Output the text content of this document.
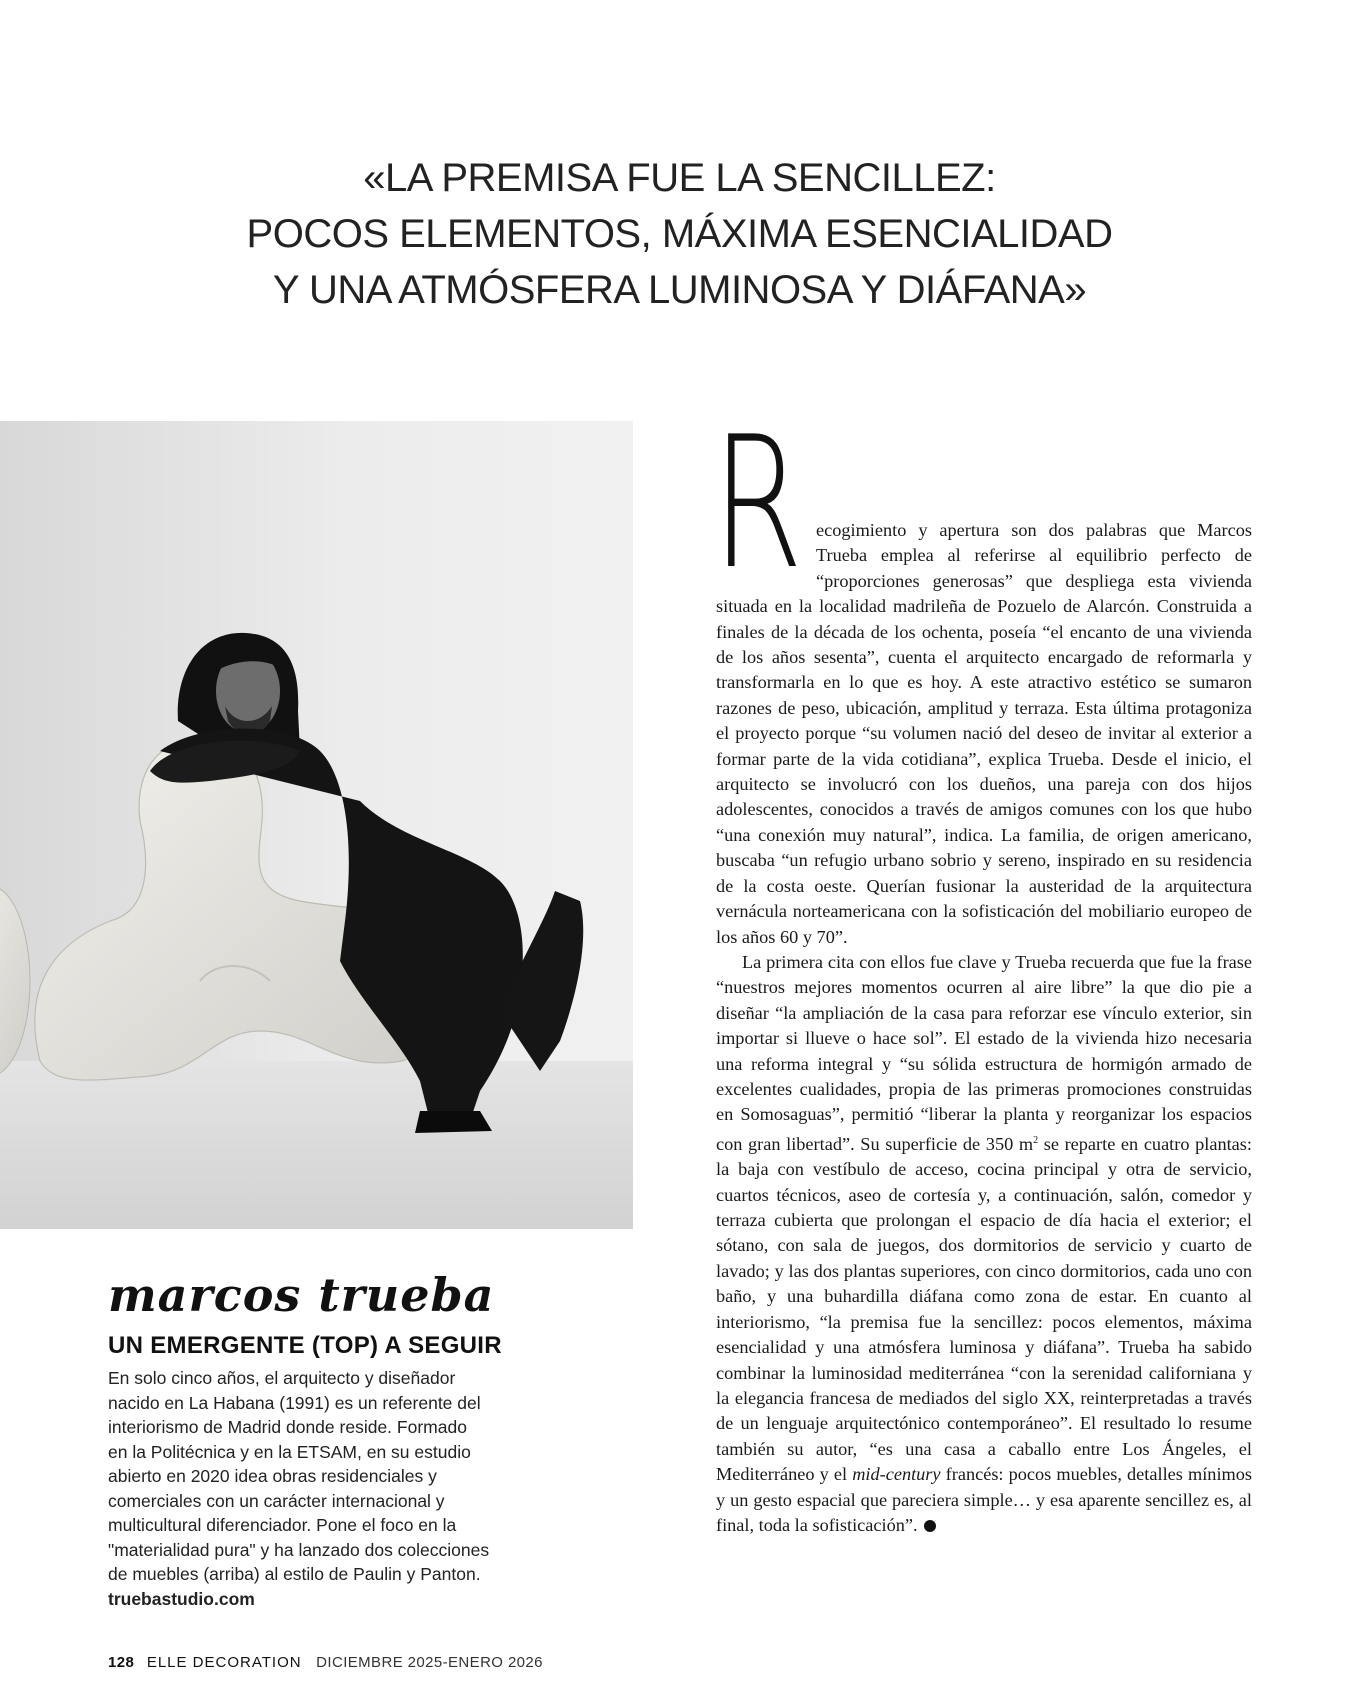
«LA PREMISA FUE LA SENCILLEZ:
POCOS ELEMENTOS, MÁXIMA ESENCIALIDAD
Y UNA ATMÓSFERA LUMINOSA Y DIÁFANA»
marcos trueba
UN EMERGENTE (TOP) A SEGUIR
En solo cinco años, el arquitecto y diseñador
nacido en La Habana (1991) es un referente del
interiorismo de Madrid donde reside. Formado
en la Politécnica y en la ETSAM, en su estudio
abierto en 2020 idea obras residenciales y
comerciales con un carácter internacional y
multicultural diferenciador. Pone el foco en la
"materialidad pura" y ha lanzado dos colecciones
de muebles (arriba) al estilo de Paulin y Panton.
truebastudio.com
R ecogimiento y apertura son dos palabras que Marcos Trueba emplea al referirse al equilibrio perfecto de “proporciones generosas” que despliega esta vivienda situada en la localidad madrileña de Pozuelo de Alarcón. Construida a finales de la década de los ochenta, poseía “el encanto de una vivienda de los años sesenta”, cuenta el arquitecto encargado de reformarla y transformarla en lo que es hoy. A este atractivo estético se sumaron razones de peso, ubicación, amplitud y terraza. Esta última protagoniza el proyecto porque “su volumen nació del deseo de invitar al exterior a formar parte de la vida cotidiana”, explica Trueba. Desde el inicio, el arquitecto se involucró con los dueños, una pareja con dos hijos adolescentes, conocidos a través de amigos comunes con los que hubo “una conexión muy natural”, indica. La familia, de origen americano, buscaba “un refugio urbano sobrio y sereno, inspirado en su residencia de la costa oeste. Querían fusionar la austeridad de la arquitectura vernácula norteamericana con la sofisticación del mobiliario europeo de los años 60 y 70”.

La primera cita con ellos fue clave y Trueba recuerda que fue la frase “nuestros mejores momentos ocurren al aire libre” la que dio pie a diseñar “la ampliación de la casa para reforzar ese vínculo exterior, sin importar si llueve o hace sol”. El estado de la vivienda hizo necesaria una reforma integral y “su sólida estructura de hormigón armado de excelentes cualidades, propia de las primeras promociones construidas en Somosaguas”, permitió “liberar la planta y reorganizar los espacios con gran libertad”. Su superficie de 350 $m^2$ se reparte en cuatro plantas: la baja con vestíbulo de acceso, cocina principal y otra de servicio, cuartos técnicos, aseo de cortesía y, a continuación, salón, comedor y terraza cubierta que prolongan el espacio de día hacia el exterior; el sótano, con sala de juegos, dos dormitorios de servicio y cuarto de lavado; y las dos plantas superiores, con cinco dormitorios, cada uno con baño, y una buhardilla diáfana como zona de estar. En cuanto al interiorismo, “la premisa fue la sencillez: pocos elementos, máxima esencialidad y una atmósfera luminosa y diáfana”. Trueba ha sabido combinar la luminosidad mediterránea “con la serenidad californiana y la elegancia francesa de mediados del siglo XX, reinterpretadas a través de un lenguaje arquitectónico contemporáneo”. El resultado lo resume también su autor, “es una casa a caballo entre Los Ángeles, el Mediterráneo y el mid-century francés: pocos muebles, detalles mínimos y un gesto espacial que pareciera simple… y esa aparente sencillez es, al final, toda la sofisticación”.

128 ELLE DECORATION DICIEMBRE 2025-ENERO 2026
